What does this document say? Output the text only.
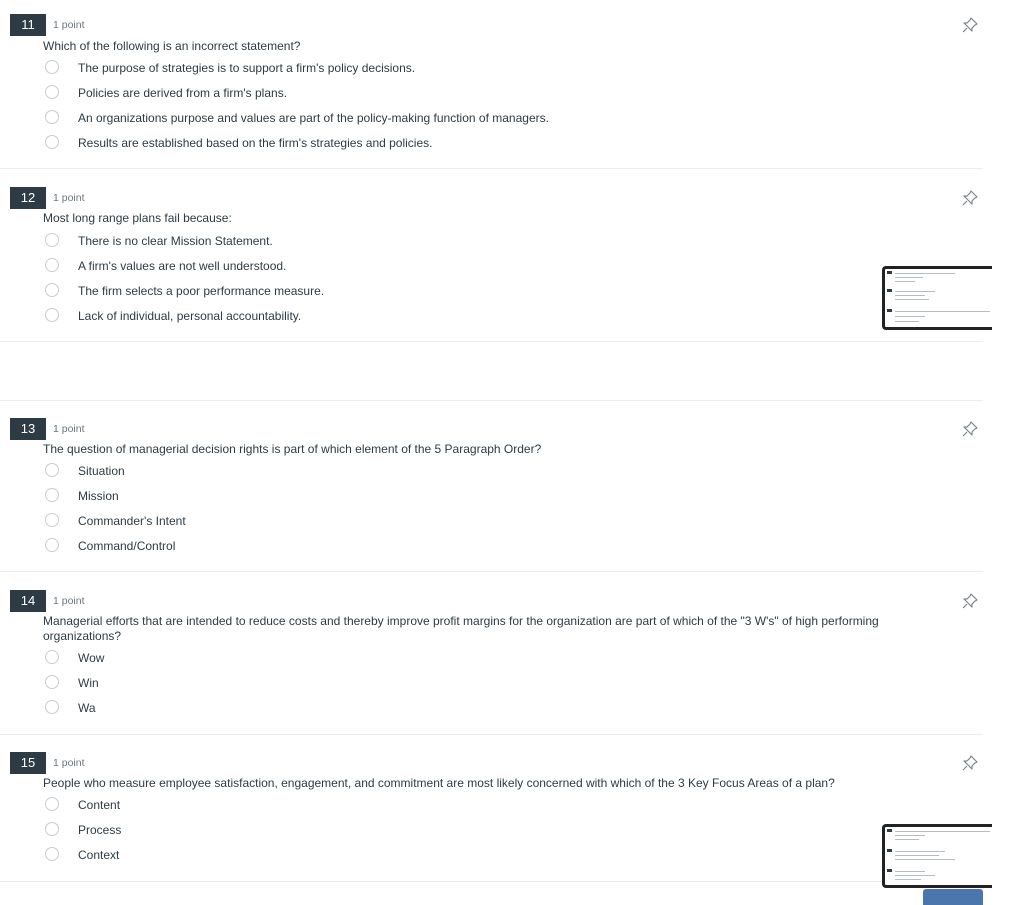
11	1 point
Which of the following is an incorrect statement?
The purpose of strategies is to support a firm's policy decisions.
Policies are derived from a firm's plans.
An organizations purpose and values are part of the policy-making function of managers.
Results are established based on the firm's strategies and policies.
12	1 point
Most long range plans fail because:
There is no clear Mission Statement.
A firm's values are not well understood.
The firm selects a poor performance measure.
Lack of individual, personal accountability.
13	1 point
The question of managerial decision rights is part of which element of the 5 Paragraph Order?
Situation
Mission
Commander's Intent
Command/Control
14	1 point
Managerial efforts that are intended to reduce costs and thereby improve profit margins for the organization are part of which of the "3 W's" of high performing organizations?
Wow
Win
Wa
15	1 point
People who measure employee satisfaction, engagement, and commitment are most likely concerned with which of the 3 Key Focus Areas of a plan?
Content
Process
Context
